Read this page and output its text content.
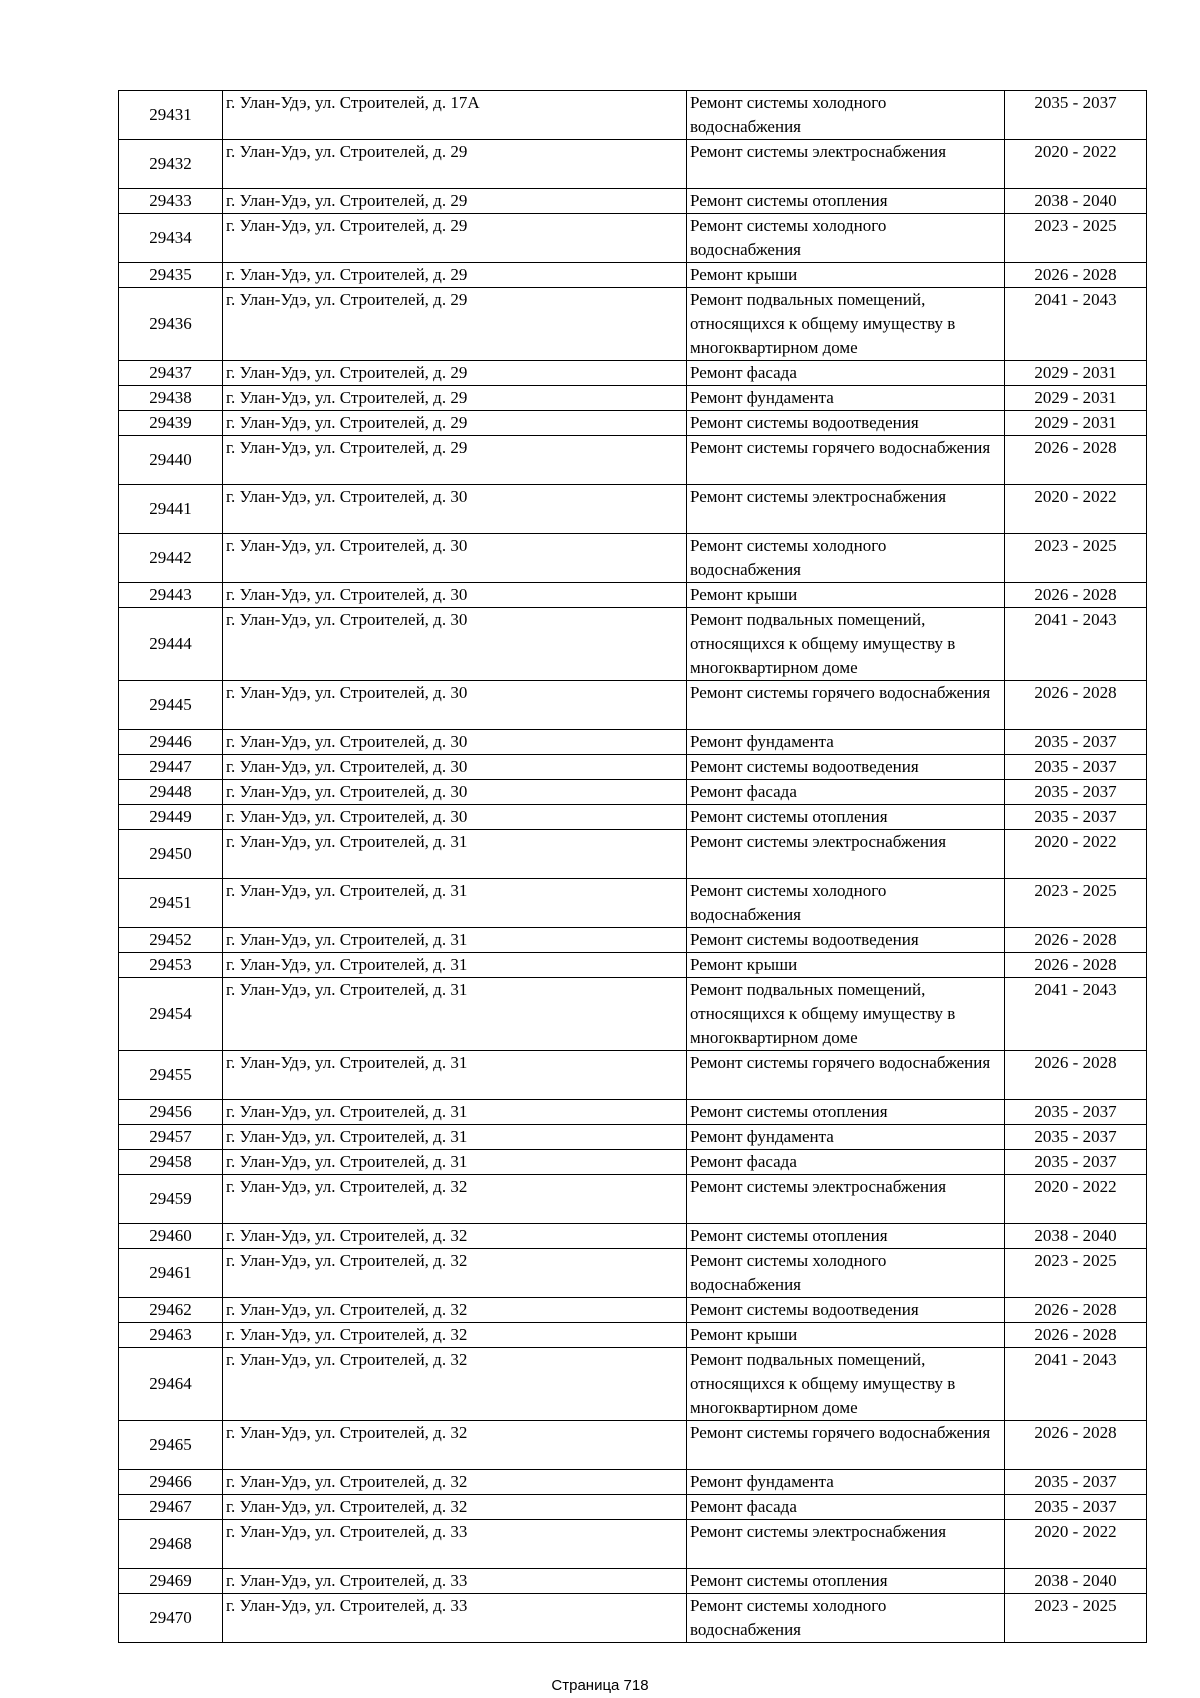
29431	г. Улан-Удэ, ул. Строителей, д. 17А	Ремонт системы холодного водоснабжения	2035 - 2037

29432	г. Улан-Удэ, ул. Строителей, д. 29	Ремонт системы электроснабжения	2020 - 2022

29433	г. Улан-Удэ, ул. Строителей, д. 29	Ремонт системы отопления	2038 - 2040

29434	г. Улан-Удэ, ул. Строителей, д. 29	Ремонт системы холодного водоснабжения	2023 - 2025

29435	г. Улан-Удэ, ул. Строителей, д. 29	Ремонт крыши	2026 - 2028

29436	г. Улан-Удэ, ул. Строителей, д. 29	Ремонт подвальных помещений, относящихся к общему имуществу в многоквартирном доме	2041 - 2043

29437	г. Улан-Удэ, ул. Строителей, д. 29	Ремонт фасада	2029 - 2031

29438	г. Улан-Удэ, ул. Строителей, д. 29	Ремонт фундамента	2029 - 2031

29439	г. Улан-Удэ, ул. Строителей, д. 29	Ремонт системы водоотведения	2029 - 2031

29440	г. Улан-Удэ, ул. Строителей, д. 29	Ремонт системы горячего водоснабжения	2026 - 2028

29441	г. Улан-Удэ, ул. Строителей, д. 30	Ремонт системы электроснабжения	2020 - 2022

29442	г. Улан-Удэ, ул. Строителей, д. 30	Ремонт системы холодного водоснабжения	2023 - 2025

29443	г. Улан-Удэ, ул. Строителей, д. 30	Ремонт крыши	2026 - 2028

29444	г. Улан-Удэ, ул. Строителей, д. 30	Ремонт подвальных помещений, относящихся к общему имуществу в многоквартирном доме	2041 - 2043

29445	г. Улан-Удэ, ул. Строителей, д. 30	Ремонт системы горячего водоснабжения	2026 - 2028

29446	г. Улан-Удэ, ул. Строителей, д. 30	Ремонт фундамента	2035 - 2037

29447	г. Улан-Удэ, ул. Строителей, д. 30	Ремонт системы водоотведения	2035 - 2037

29448	г. Улан-Удэ, ул. Строителей, д. 30	Ремонт фасада	2035 - 2037

29449	г. Улан-Удэ, ул. Строителей, д. 30	Ремонт системы отопления	2035 - 2037

29450	г. Улан-Удэ, ул. Строителей, д. 31	Ремонт системы электроснабжения	2020 - 2022

29451	г. Улан-Удэ, ул. Строителей, д. 31	Ремонт системы холодного водоснабжения	2023 - 2025

29452	г. Улан-Удэ, ул. Строителей, д. 31	Ремонт системы водоотведения	2026 - 2028

29453	г. Улан-Удэ, ул. Строителей, д. 31	Ремонт крыши	2026 - 2028

29454	г. Улан-Удэ, ул. Строителей, д. 31	Ремонт подвальных помещений, относящихся к общему имуществу в многоквартирном доме	2041 - 2043

29455	г. Улан-Удэ, ул. Строителей, д. 31	Ремонт системы горячего водоснабжения	2026 - 2028

29456	г. Улан-Удэ, ул. Строителей, д. 31	Ремонт системы отопления	2035 - 2037

29457	г. Улан-Удэ, ул. Строителей, д. 31	Ремонт фундамента	2035 - 2037

29458	г. Улан-Удэ, ул. Строителей, д. 31	Ремонт фасада	2035 - 2037

29459	г. Улан-Удэ, ул. Строителей, д. 32	Ремонт системы электроснабжения	2020 - 2022

29460	г. Улан-Удэ, ул. Строителей, д. 32	Ремонт системы отопления	2038 - 2040

29461	г. Улан-Удэ, ул. Строителей, д. 32	Ремонт системы холодного водоснабжения	2023 - 2025

29462	г. Улан-Удэ, ул. Строителей, д. 32	Ремонт системы водоотведения	2026 - 2028

29463	г. Улан-Удэ, ул. Строителей, д. 32	Ремонт крыши	2026 - 2028

29464	г. Улан-Удэ, ул. Строителей, д. 32	Ремонт подвальных помещений, относящихся к общему имуществу в многоквартирном доме	2041 - 2043

29465	г. Улан-Удэ, ул. Строителей, д. 32	Ремонт системы горячего водоснабжения	2026 - 2028

29466	г. Улан-Удэ, ул. Строителей, д. 32	Ремонт фундамента	2035 - 2037

29467	г. Улан-Удэ, ул. Строителей, д. 32	Ремонт фасада	2035 - 2037

29468	г. Улан-Удэ, ул. Строителей, д. 33	Ремонт системы электроснабжения	2020 - 2022

29469	г. Улан-Удэ, ул. Строителей, д. 33	Ремонт системы отопления	2038 - 2040

29470	г. Улан-Удэ, ул. Строителей, д. 33	Ремонт системы холодного водоснабжения	2023 - 2025
Страница 718
